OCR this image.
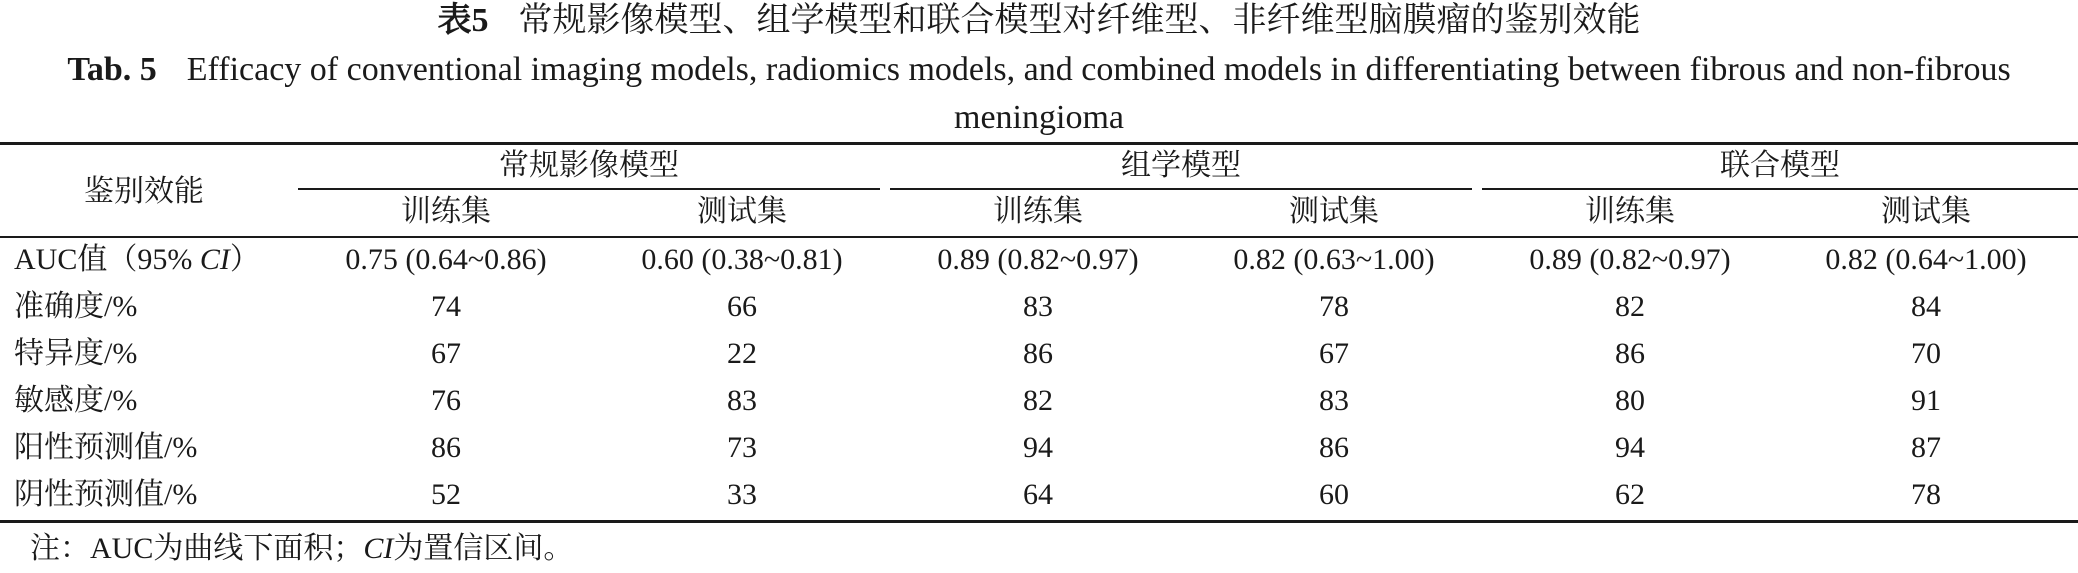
表5 常规影像模型、组学模型和联合模型对纤维型、非纤维型脑膜瘤的鉴别效能
Tab. 5 Efficacy of conventional imaging models, radiomics models, and combined models in differentiating between fibrous and non-fibrous meningioma
鉴别效能
常规影像模型	组学模型	联合模型
训练集	测试集	训练集	测试集	训练集	测试集
AUC值（95% CI）	0.75 (0.64~0.86)	0.60 (0.38~0.81)	0.89 (0.82~0.97)	0.82 (0.63~1.00)	0.89 (0.82~0.97)	0.82 (0.64~1.00)
准确度/%	74	66	83	78	82	84
特异度/%	67	22	86	67	86	70
敏感度/%	76	83	82	83	80	91
阳性预测值/%	86	73	94	86	94	87
阴性预测值/%	52	33	64	60	62	78
注：AUC为曲线下面积；CI为置信区间。
